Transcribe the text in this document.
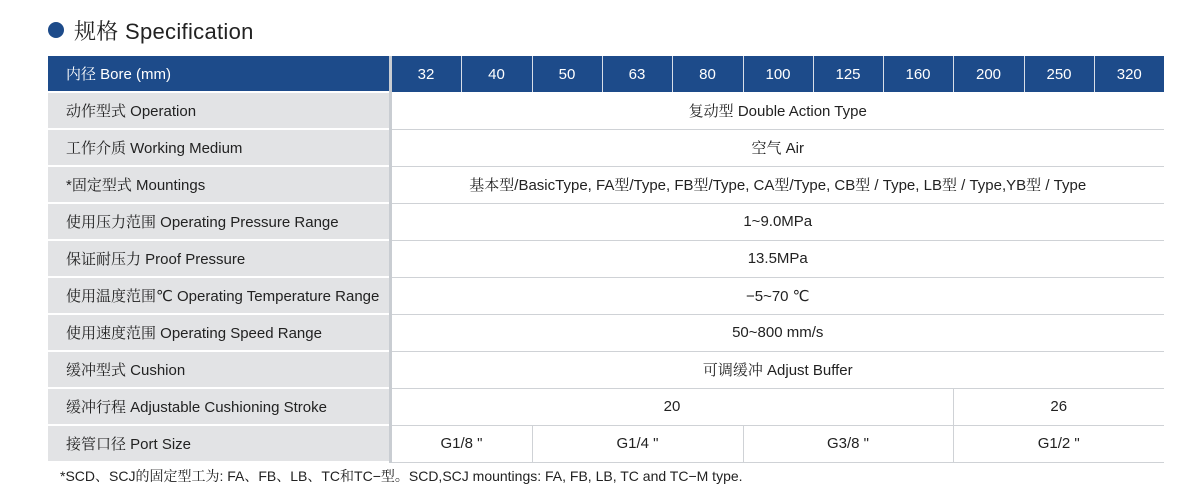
规格 Specification
内径 Bore (mm)	32	40	50	63	80	100	125	160	200	250	320
动作型式 Operation	复动型 Double Action Type										
工作介质 Working Medium	空气 Air										
*固定型式 Mountings	基本型/BasicType, FA型/Type, FB型/Type, CA型/Type, CB型 / Type, LB型 / Type,YB型 / Type										
使用压力范围 Operating Pressure Range	1~9.0MPa										
保证耐压力 Proof Pressure	13.5MPa										
使用温度范围℃ Operating Temperature Range	−5~70 ℃										
使用速度范围 Operating Speed Range	50~800 mm/s										
缓冲型式 Cushion	可调缓冲 Adjust Buffer										
缓冲行程 Adjustable Cushioning Stroke	20								26		
接管口径 Port Size	G1/8 "		G1/4 "			G3/8 "			G1/2 "		
*SCD、SCJ的固定型工为: FA、FB、LB、TC和TC−型。SCD,SCJ mountings: FA, FB, LB, TC and TC−M type.
